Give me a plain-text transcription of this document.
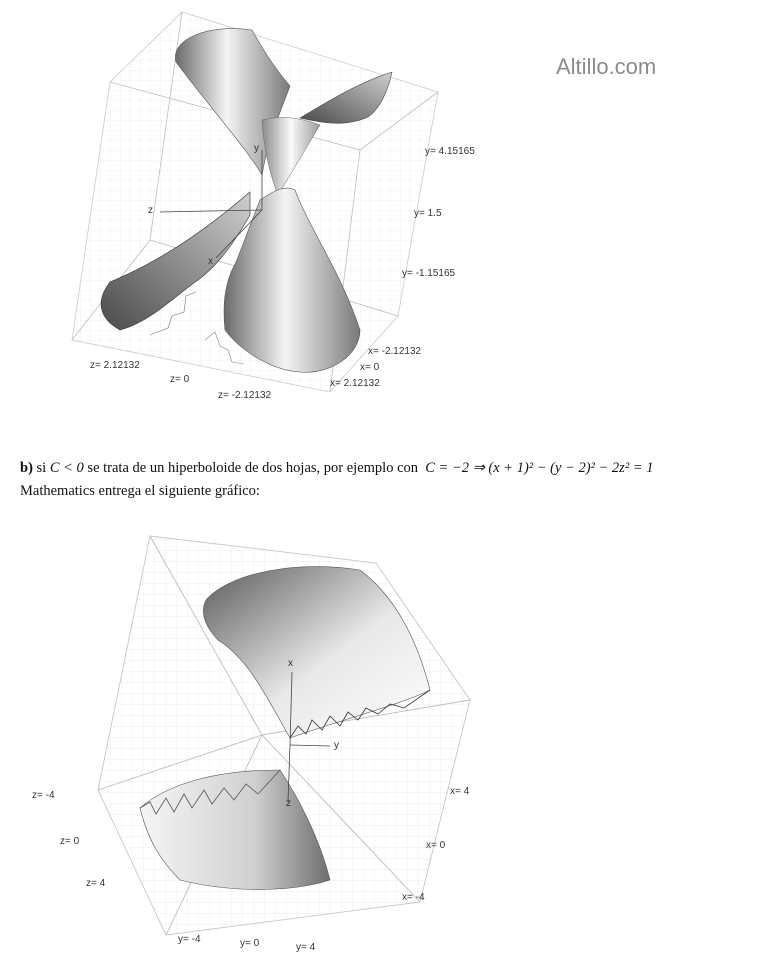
Altillo.com
y= 4.15165
y= 1.5
y= -1.15165
x= -2.12132
x= 0
x= 2.12132
z= 2.12132
z= 0
z= -2.12132
y
z
x
b) si C < 0 se trata de un hiperboloide de dos hojas, por ejemplo con C = −2 ⇒ (x + 1)² − (y − 2)² − 2z² = 1
Mathematics entrega el siguiente gráfico:
z= -4
z= 0
z= 4
x= 4
x= 0
x= -4
y= -4	y= 0	y= 4
x
y
z
